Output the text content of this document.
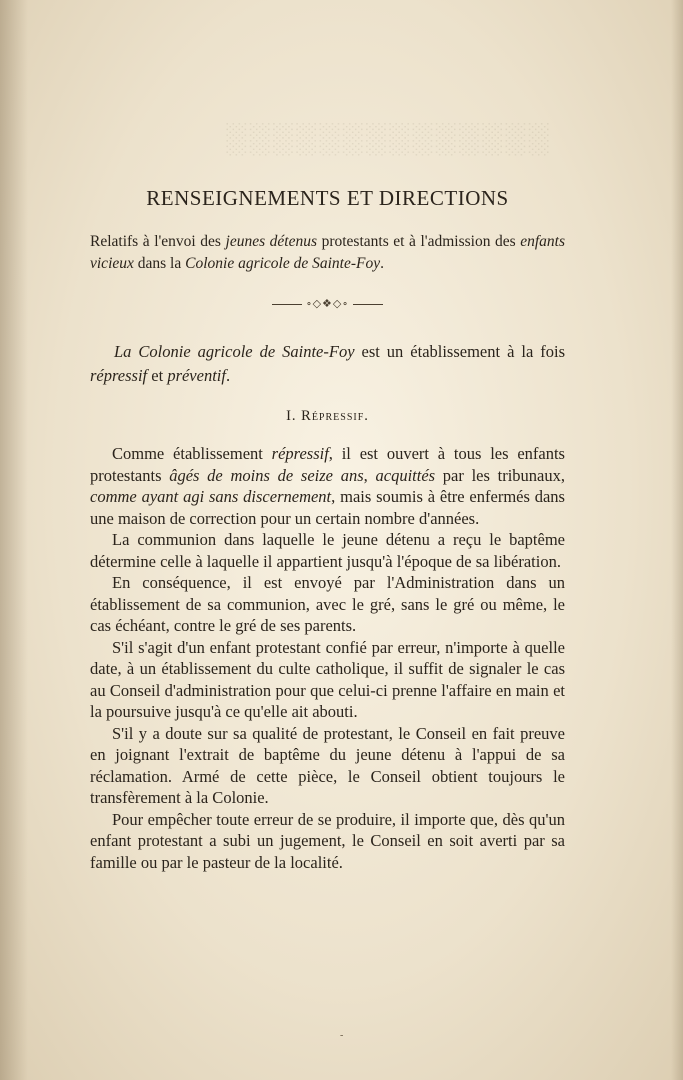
░░░░░░░░░░░░░░
RENSEIGNEMENTS ET DIRECTIONS

Relatifs à l'envoi des jeunes détenus protestants et à l'admission des enfants vicieux dans la Colonie agricole de Sainte-Foy.

∘◇❖◇∘

La Colonie agricole de Sainte-Foy est un établissement à la fois répressif et préventif.

I. Répressif.

Comme établissement répressif, il est ouvert à tous les enfants protestants âgés de moins de seize ans, acquittés par les tribunaux, comme ayant agi sans discernement, mais soumis à être enfermés dans une maison de correction pour un certain nombre d'années.

La communion dans laquelle le jeune détenu a reçu le baptême détermine celle à laquelle il appartient jusqu'à l'époque de sa libération.

En conséquence, il est envoyé par l'Administration dans un établissement de sa communion, avec le gré, sans le gré ou même, le cas échéant, contre le gré de ses parents.

S'il s'agit d'un enfant protestant confié par erreur, n'importe à quelle date, à un établissement du culte catholique, il suffit de signaler le cas au Conseil d'administration pour que celui-ci prenne l'affaire en main et la poursuive jusqu'à ce qu'elle ait abouti.

S'il y a doute sur sa qualité de protestant, le Conseil en fait preuve en joignant l'extrait de baptême du jeune détenu à l'appui de sa réclamation. Armé de cette pièce, le Conseil obtient toujours le transfèrement à la Colonie.

Pour empêcher toute erreur de se produire, il importe que, dès qu'un enfant protestant a subi un jugement, le Conseil en soit averti par sa famille ou par le pasteur de la localité.

-
